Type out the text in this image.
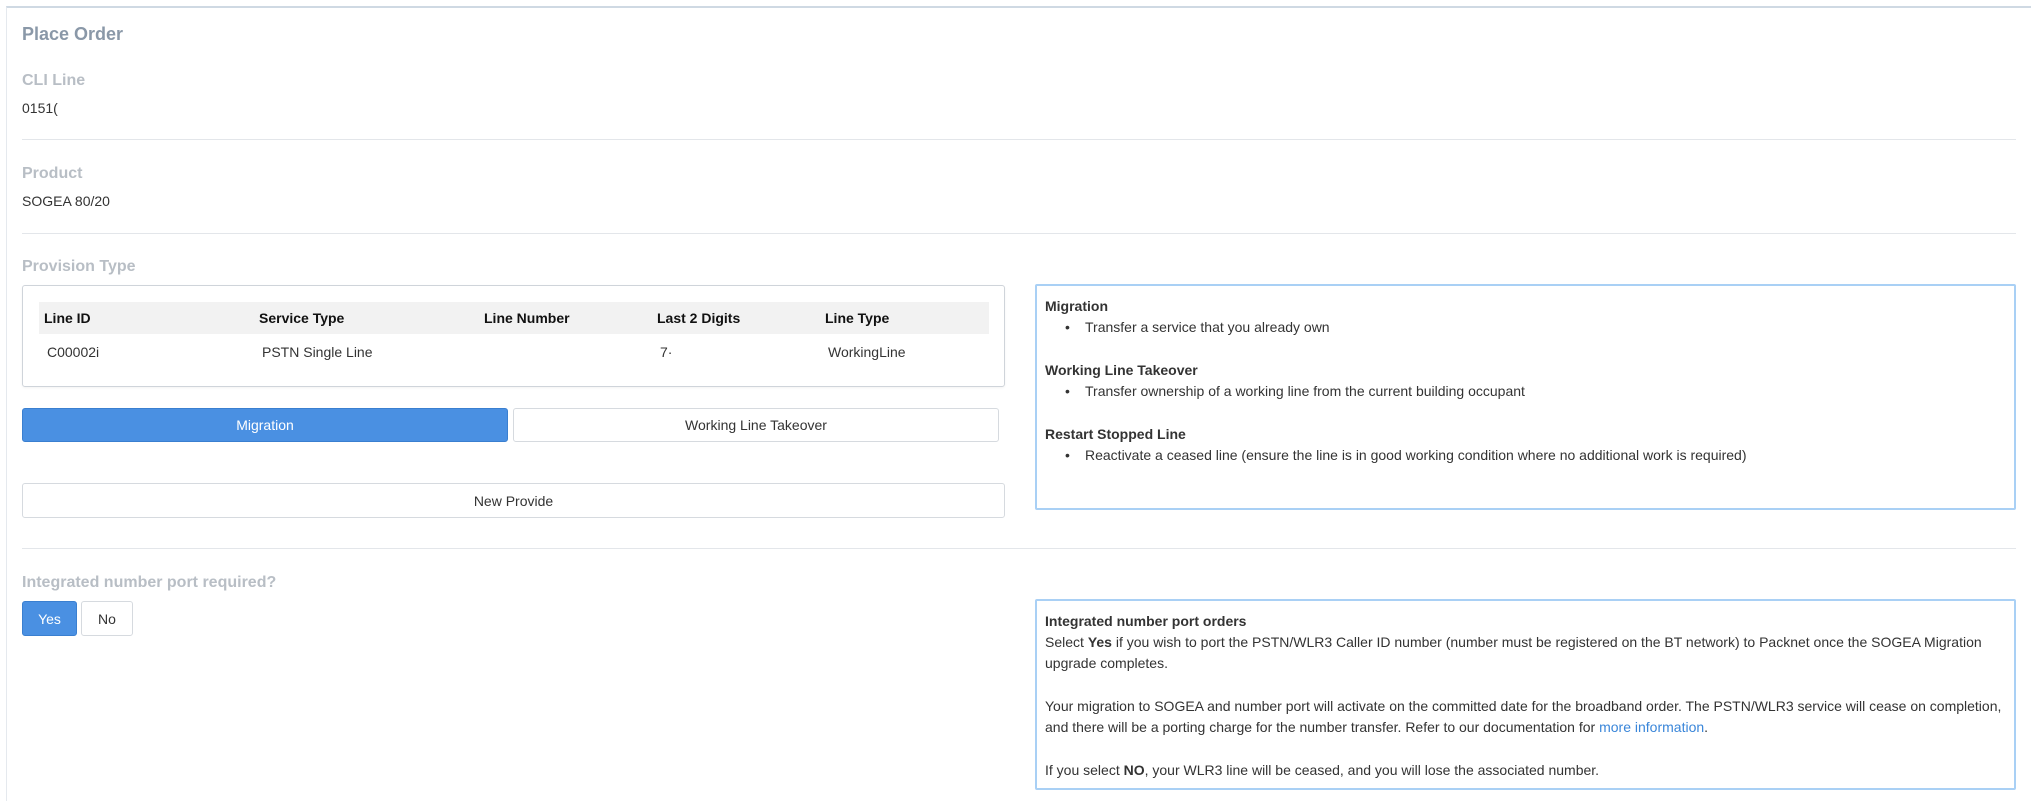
Place Order
CLI Line
0151(
Product
SOGEA 80/20
Provision Type
Line ID	Service Type	Line Number	Last 2 Digits	Line Type
C00002i	PSTN Single Line		7·	WorkingLine
Migration	Working Line Takeover
New Provide
Migration
• Transfer a service that you already own
Working Line Takeover
• Transfer ownership of a working line from the current building occupant
Restart Stopped Line
• Reactivate a ceased line (ensure the line is in good working condition where no additional work is required)
Integrated number port required?
Yes	No	Integrated number port orders

Select Yes if you wish to port the PSTN/WLR3 Caller ID number (number must be registered on the BT network) to Packnet once the SOGEA Migration upgrade completes.

Your migration to SOGEA and number port will activate on the committed date for the broadband order. The PSTN/WLR3 service will cease on completion, and there will be a porting charge for the number transfer. Refer to our documentation for more information.

If you select NO, your WLR3 line will be ceased, and you will lose the associated number.
